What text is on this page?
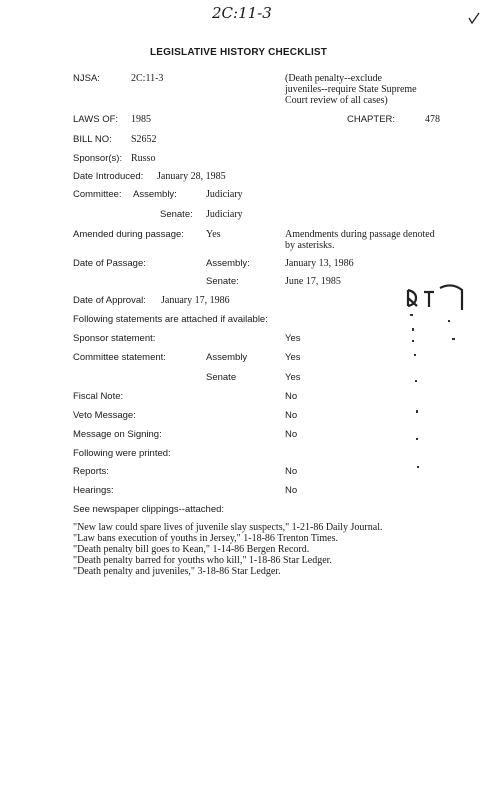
2C:11-3
LEGISLATIVE HISTORY CHECKLIST
NJSA:	2C:11-3	(Death penalty--exclude
juveniles--require State Supreme
Court review of all cases)
LAWS OF: 1985	CHAPTER:	478
BILL NO: S2652
Sponsor(s): Russo
Date Introduced: January 28, 1985
Committee: Assembly:	Judiciary
Senate: Judiciary
Amended during passage: Yes	Amendments during passage denoted
by asterisks.
Date of Passage:	Assembly:	January 13, 1986
Senate:	June 17, 1985
Date of Approval: January 17, 1986
Following statements are attached if available:
Sponsor statement:	Yes
Committee statement:	Assembly	Yes
Senate	Yes
Fiscal Note:	No
Veto Message:	No
Message on Signing:	No
Following were printed:
Reports:	No
Hearings:	No
See newspaper clippings--attached:
"New law could spare lives of juvenile slay suspects," 1-21-86 Daily Journal.
"Law bans execution of youths in Jersey," 1-18-86 Trenton Times.
"Death penalty bill goes to Kean," 1-14-86 Bergen Record.
"Death penalty barred for youths who kill," 1-18-86 Star Ledger.
"Death penalty and juveniles," 3-18-86 Star Ledger.
